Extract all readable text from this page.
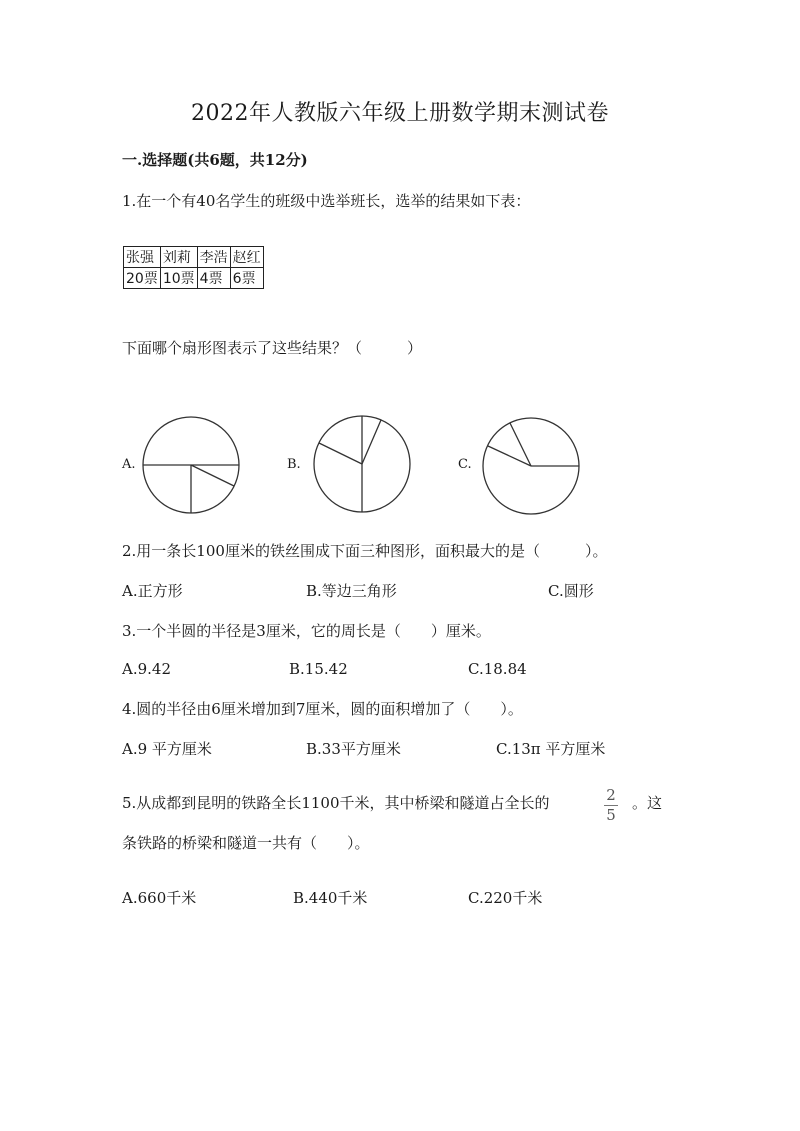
2022年人教版六年级上册数学期末测试卷
一.选择题(共6题，共12分)
1.在一个有40名学生的班级中选举班长，选举的结果如下表：
张强	刘莉	李浩	赵红
20票	10票	4票	6票
下面哪个扇形图表示了这些结果？（　　　）
A.	B.	C.
2.用一条长100厘米的铁丝围成下面三种图形，面积最大的是（　　　）。
A.正方形	B.等边三角形	C.圆形
3.一个半圆的半径是3厘米，它的周长是（　　）厘米。
A.9.42	B.15.42	C.18.84
4.圆的半径由6厘米增加到7厘米，圆的面积增加了（　　）。
A.9 平方厘米	B.33平方厘米	C.13π 平方厘米
5.从成都到昆明的铁路全长1100千米，其中桥梁和隧道占全长的	2
5
。这
条铁路的桥梁和隧道一共有（　　）。
A.660千米	B.440千米	C.220千米
